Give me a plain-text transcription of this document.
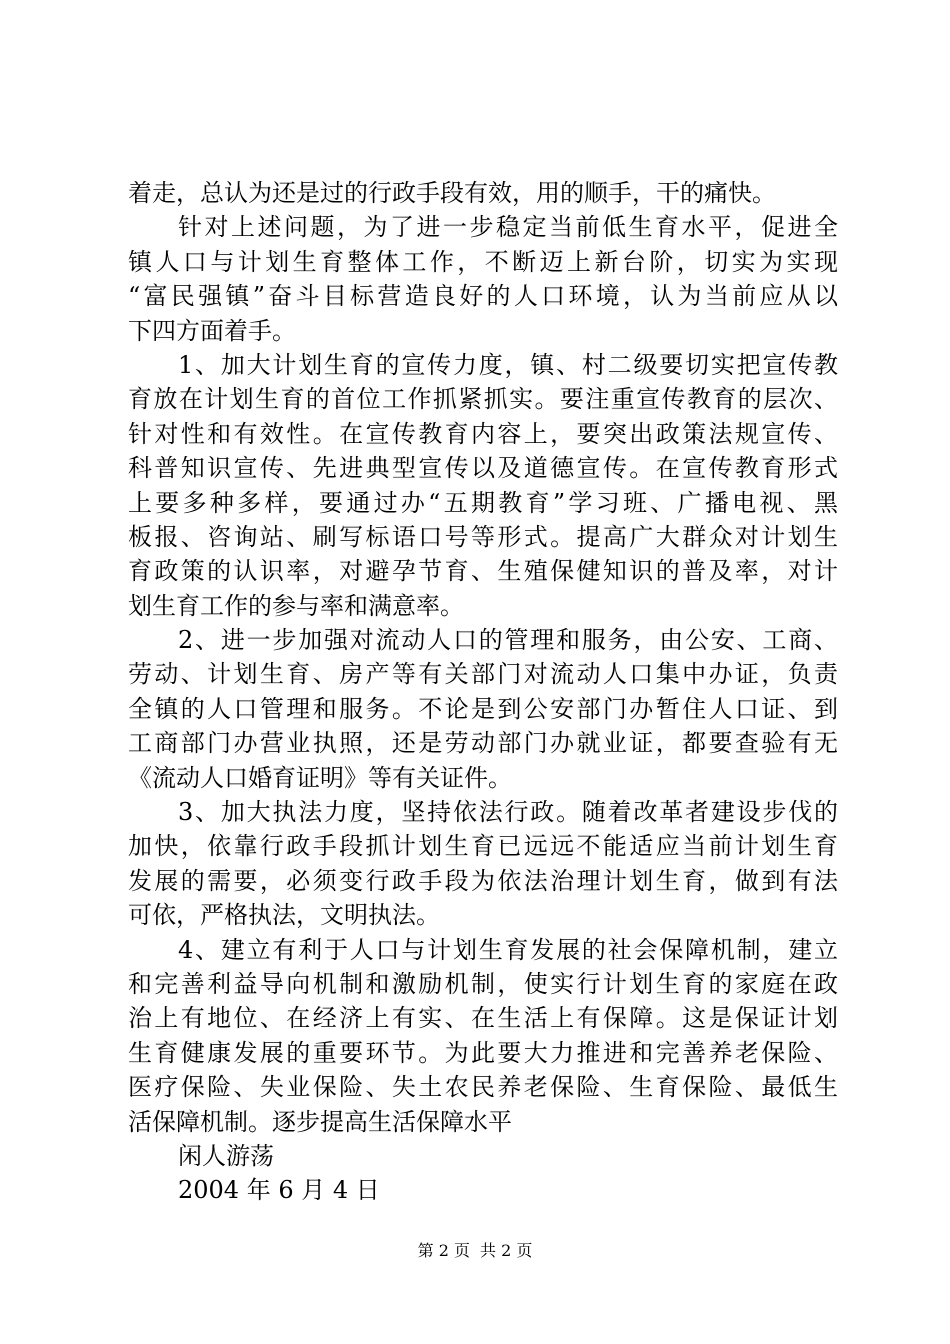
着走，总认为还是过的行政手段有效，用的顺手，干的痛快。
针对上述问题，为了进一步稳定当前低生育水平，促进全
镇人口与计划生育整体工作，不断迈上新台阶，切实为实现
“富民强镇”奋斗目标营造良好的人口环境，认为当前应从以
下四方面着手。
1、加大计划生育的宣传力度，镇、村二级要切实把宣传教
育放在计划生育的首位工作抓紧抓实。要注重宣传教育的层次、
针对性和有效性。在宣传教育内容上，要突出政策法规宣传、
科普知识宣传、先进典型宣传以及道德宣传。在宣传教育形式
上要多种多样，要通过办“五期教育”学习班、广播电视、黑
板报、咨询站、刷写标语口号等形式。提高广大群众对计划生
育政策的认识率，对避孕节育、生殖保健知识的普及率，对计
划生育工作的参与率和满意率。
2、进一步加强对流动人口的管理和服务，由公安、工商、
劳动、计划生育、房产等有关部门对流动人口集中办证，负责
全镇的人口管理和服务。不论是到公安部门办暂住人口证、到
工商部门办营业执照，还是劳动部门办就业证，都要查验有无
《流动人口婚育证明》等有关证件。
3、加大执法力度，坚持依法行政。随着改革者建设步伐的
加快，依靠行政手段抓计划生育已远远不能适应当前计划生育
发展的需要，必须变行政手段为依法治理计划生育，做到有法
可依，严格执法，文明执法。
4、建立有利于人口与计划生育发展的社会保障机制，建立
和完善利益导向机制和激励机制，使实行计划生育的家庭在政
治上有地位、在经济上有实、在生活上有保障。这是保证计划
生育健康发展的重要环节。为此要大力推进和完善养老保险、
医疗保险、失业保险、失土农民养老保险、生育保险、最低生
活保障机制。逐步提高生活保障水平
闲人游荡
2004 年 6 月 4 日
第 2 页 共 2 页
